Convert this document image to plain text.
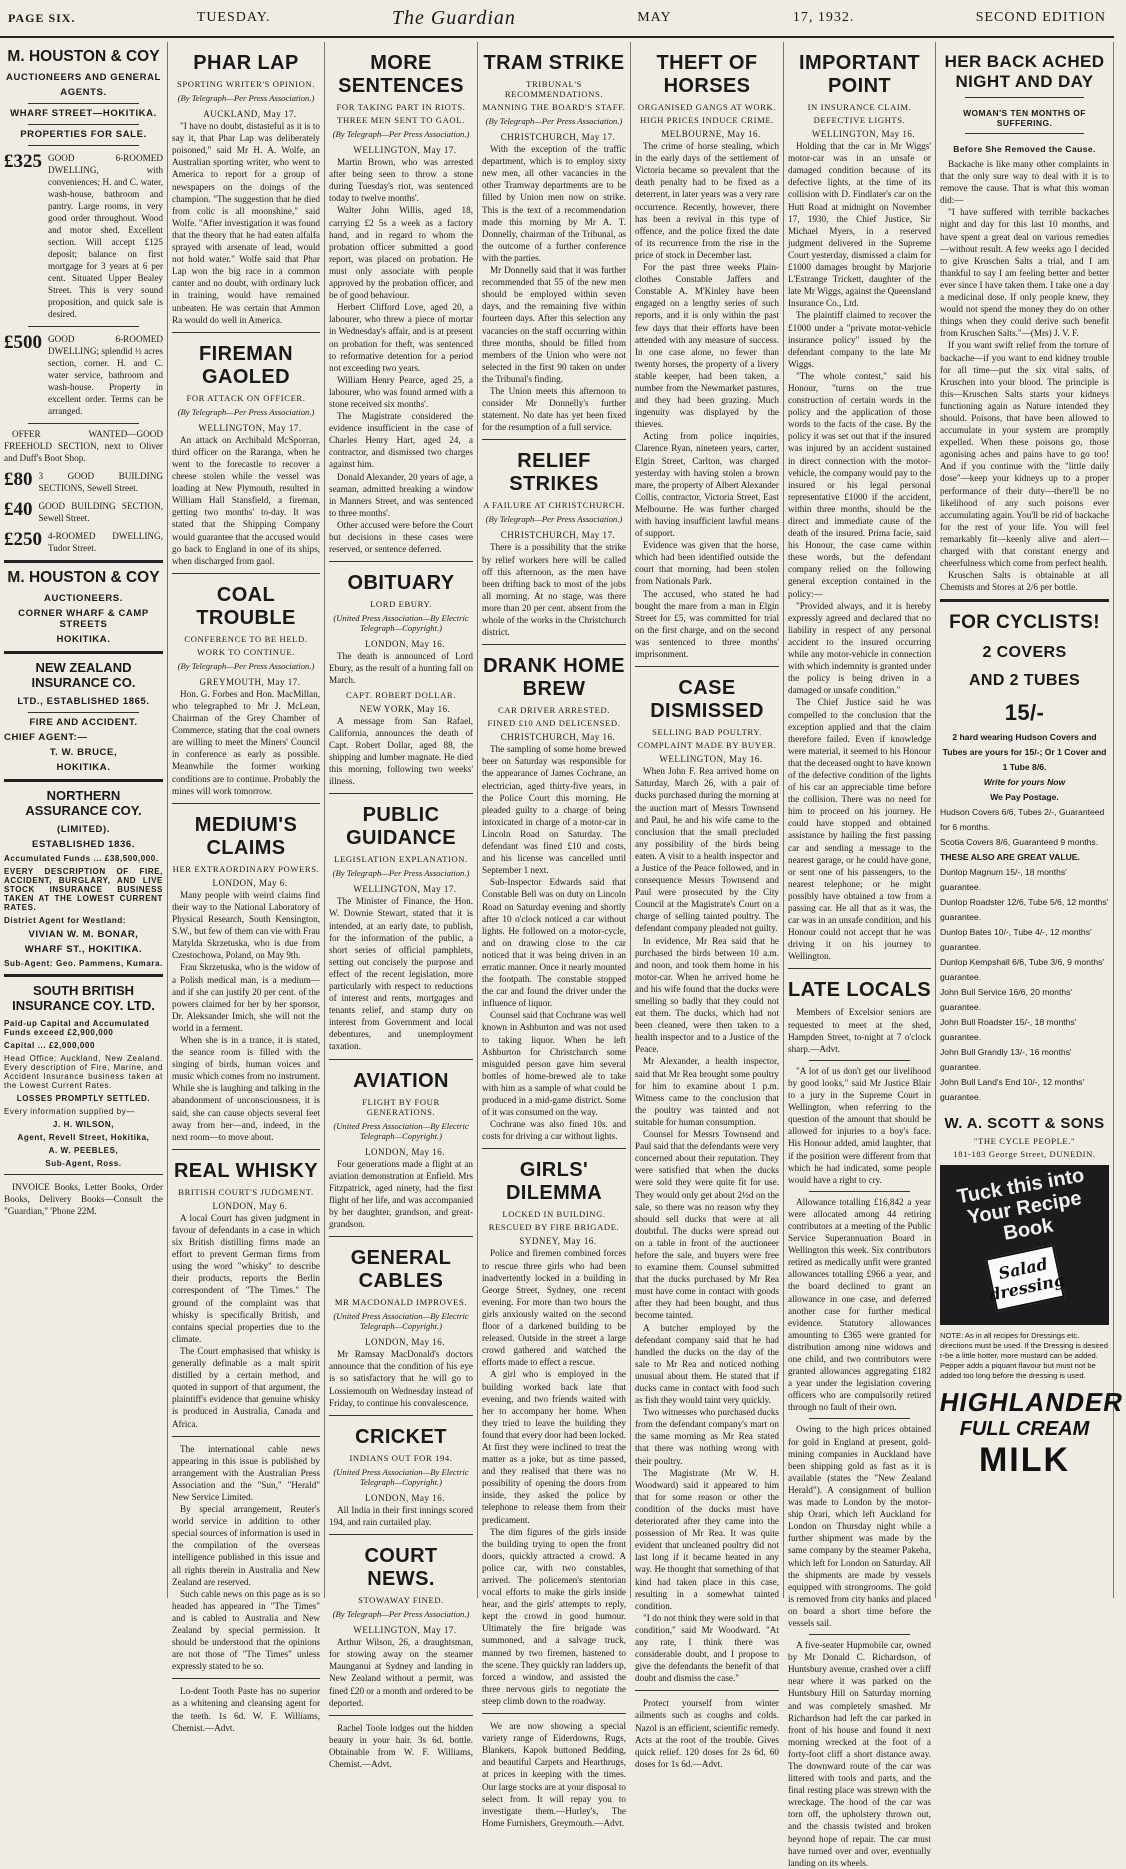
PAGE SIX.	TUESDAY.	The Guardian	MAY	17, 1932.	SECOND EDITION
M. HOUSTON & COY
AUCTIONEERS AND GENERAL
AGENTS.
WHARF STREET—HOKITIKA.
PROPERTIES FOR SALE.
£325 GOOD 6-ROOMED DWELLING, with conveniences; H. and C. water, wash-house, bathroom and pantry. Large rooms, in very good order throughout. Wood and motor shed. Excellent section. Will accept £125 deposit; balance on first mortgage for 3 years at 6 per cent. Situated Upper Bealey Street. This is very sound proposition, and quick sale is desired.
£500 GOOD 6-ROOMED DWELLING; splendid ½ acres section, corner. H. and C. water service, bathroom and wash-house. Property in excellent order. Terms can be arranged.

OFFER WANTED—GOOD FREEHOLD SECTION, next to Oliver and Duff's Boot Shop.

£80 3 GOOD BUILDING SECTIONS, Sewell Street.
£40 GOOD BUILDING SECTION, Sewell Street.
£250 4-ROOMED DWELLING, Tudor Street.
M. HOUSTON & COY
AUCTIONEERS.
CORNER WHARF & CAMP STREETS
HOKITIKA.
NEW ZEALAND INSURANCE CO.
LTD., ESTABLISHED 1865.
FIRE AND ACCIDENT.
CHIEF AGENT:—
T. W. BRUCE,
HOKITIKA.
NORTHERN ASSURANCE COY.
(LIMITED).
ESTABLISHED 1836.
Accumulated Funds ... £38,500,000.
EVERY DESCRIPTION OF FIRE, ACCIDENT, BURGLARY, AND LIVE STOCK INSURANCE BUSINESS TAKEN AT THE LOWEST CURRENT RATES.
District Agent for Westland:
VIVIAN W. M. BONAR,
WHARF ST., HOKITIKA.
Sub-Agent: Geo. Pammens, Kumara.
SOUTH BRITISH INSURANCE COY. LTD.
Paid-up Capital and Accumulated Funds exceed £2,900,000
Capital ... £2,000,000
Head Office: Auckland, New Zealand. Every description of Fire, Marine, and Accident Insurance business taken at the Lowest Current Rates.
LOSSES PROMPTLY SETTLED.
Every information supplied by—
J. H. WILSON,
Agent, Revell Street, Hokitika,
A. W. PEEBLES,
Sub-Agent, Ross.

INVOICE Books, Letter Books, Order Books, Delivery Books—Consult the "Guardian," 'Phone 22M.

PHAR LAP
SPORTING WRITER'S OPINION.
(By Telegraph—Per Press Association.)

AUCKLAND, May 17.

"I have no doubt, distasteful as it is to say it, that Phar Lap was deliberately poisoned," said Mr H. A. Wolfe, an Australian sporting writer, who went to America to report for a group of newspapers on the doings of the champion. "The suggestion that he died from colic is all moonshine," said Wolfe. "After investigation it was found that the theory that he had eaten alfalfa sprayed with arsenate of lead, would not hold water." Wolfe said that Phar Lap won the big race in a common canter and no doubt, with ordinary luck in training, would have remained unbeaten. He was certain that Ammon Ra would do well in America.

FIREMAN GAOLED
FOR ATTACK ON OFFICER.
(By Telegraph—Per Press Association.)

WELLINGTON, May 17.

An attack on Archibald McSporran, third officer on the Raranga, when he went to the forecastle to recover a cheese stolen while the vessel was loading at New Plymouth, resulted in William Hall Stansfield, a fireman, getting two months' to-day. It was stated that the Shipping Company would guarantee that the accused would go back to England in one of its ships, when discharged from gaol.

COAL TROUBLE
CONFERENCE TO BE HELD.
WORK TO CONTINUE.
(By Telegraph—Per Press Association.)

GREYMOUTH, May 17.

Hon. G. Forbes and Hon. MacMillan, who telegraphed to Mr J. McLean, Chairman of the Grey Chamber of Commerce, stating that the coal owners are willing to meet the Miners' Council in conference as early as possible. Meanwhile the former working conditions are to continue. Probably the mines will work tomorrow.

MEDIUM'S CLAIMS
HER EXTRAORDINARY POWERS.

LONDON, May 6.

Many people with weird claims find their way to the National Laboratory of Physical Research, South Kensington, S.W., but few of them can vie with Frau Matylda Skrzetuska, who is due from Czestochowa, Poland, on May 9th.

Frau Skrzetuska, who is the widow of a Polish medical man, is a medium—and if she can justify 20 per cent. of the powers claimed for her by her sponsor, Dr. Aleksander Imich, she will not the world in a ferment.

When she is in a trance, it is stated, the seance room is filled with the singing of birds, human voices and music which comes from no instrument. While she is laughing and talking in the abandonment of unconsciousness, it is said, she can cause objects several feet away from her—and, indeed, in the next room—to move about.

REAL WHISKY
BRITISH COURT'S JUDGMENT.

LONDON, May 6.

A local Court has given judgment in favour of defendants in a case in which six British distilling firms made an effort to prevent German firms from using the word "whisky" to describe their products, reports the Berlin correspondent of "The Times." The ground of the complaint was that whisky is specifically British, and contains special properties due to the climate.

The Court emphasised that whisky is generally definable as a malt spirit distilled by a certain method, and quoted in support of that argument, the plaintiff's evidence that genuine whisky is produced in Australia, Canada and Africa.

The international cable news appearing in this issue is published by arrangement with the Australian Press Association and the "Sun," "Herald" New Service Limited.

By special arrangement, Reuter's world service in addition to other special sources of information is used in the compilation of the overseas intelligence published in this issue and all rights therein in Australia and New Zealand are reserved.

Such cable news on this page as is so headed has appeared in "The Times" and is cabled to Australia and New Zealand by special permission. It should be understood that the opinions are not those of "The Times" unless expressly stated to be so.

Lo-dent Tooth Paste has no superior as a whitening and cleansing agent for the teeth. 1s 6d. W. F. Williams, Chemist.—Advt.

MORE SENTENCES
FOR TAKING PART IN RIOTS.
THREE MEN SENT TO GAOL.
(By Telegraph—Per Press Association.)

WELLINGTON, May 17.

Martin Brown, who was arrested after being seen to throw a stone during Tuesday's riot, was sentenced today to twelve months'.

Walter John Willis, aged 18, carrying £2 5s a week as a factory hand, and in regard to whom the probation officer submitted a good report, was placed on probation. He must only associate with people approved by the probation officer, and be of good behaviour.

Herbert Clifford Love, aged 20, a labourer, who threw a piece of mortar in Wednesday's affair, and is at present on probation for theft, was sentenced to reformative detention for a period not exceeding two years.

William Henry Pearce, aged 25, a labourer, who was found armed with a stone received six months'.

The Magistrate considered the evidence insufficient in the case of Charles Henry Hart, aged 24, a contractor, and dismissed two charges against him.

Donald Alexander, 20 years of age, a seaman, admitted breaking a window in Manners Street, and was sentenced to three months'.

Other accused were before the Court but decisions in these cases were reserved, or sentence deferred.

OBITUARY
LORD EBURY.
(United Press Association—By Electric Telegraph—Copyright.)

LONDON, May 16.

The death is announced of Lord Ebury, as the result of a hunting fall on March.

CAPT. ROBERT DOLLAR.

NEW YORK, May 16.

A message from San Rafael, California, announces the death of Capt. Robert Dollar, aged 88, the shipping and lumber magnate. He died this morning, following two weeks' illness.

PUBLIC GUIDANCE
LEGISLATION EXPLANATION.
(By Telegraph—Per Press Association.)

WELLINGTON, May 17.

The Minister of Finance, the Hon. W. Downie Stewart, stated that it is intended, at an early date, to publish, for the information of the public, a short series of official pamphlets, setting out concisely the purpose and effect of the recent legislation, more particularly with respect to reductions of interest and rents, mortgages and tenants relief, and stamp duty on interest from Government and local debentures, and unemployment taxation.

AVIATION
FLIGHT BY FOUR GENERATIONS.
(United Press Association—By Electric Telegraph—Copyright.)

LONDON, May 16.

Four generations made a flight at an aviation demonstration at Enfield. Mrs Fitzpatrick, aged ninety, had the first flight of her life, and was accompanied by her daughter, grandson, and great-grandson.

GENERAL CABLES
MR MACDONALD IMPROVES.
(United Press Association—By Electric Telegraph—Copyright.)

LONDON, May 16.

Mr Ramsay MacDonald's doctors announce that the condition of his eye is so satisfactory that he will go to Lossiemouth on Wednesday instead of Friday, to continue his convalescence.

CRICKET
INDIANS OUT FOR 194.
(United Press Association—By Electric Telegraph—Copyright.)

LONDON, May 16.

All India in their first innings scored 194, and rain curtailed play.

COURT NEWS.
STOWAWAY FINED.
(By Telegraph—Per Press Association.)

WELLINGTON, May 17.

Arthur Wilson, 26, a draughtsman, for stowing away on the steamer Maunganui at Sydney and landing in New Zealand without a permit, was fined £20 or a month and ordered to be deported.

Rachel Toole lodges out the hidden beauty in your hair. 3s 6d. bottle. Obtainable from W. F. Williams, Chemist.—Advt.

TRAM STRIKE
TRIBUNAL'S RECOMMENDATIONS.
MANNING THE BOARD'S STAFF.
(By Telegraph—Per Press Association.)

CHRISTCHURCH, May 17.

With the exception of the traffic department, which is to employ sixty new men, all other vacancies in the other Tramway departments are to be filled by Union men now on strike. This is the text of a recommendation made this morning by Mr A. T. Donnelly, chairman of the Tribunal, as the outcome of a further conference with the parties.

Mr Donnelly said that it was further recommended that 55 of the new men should be employed within seven days, and the remaining five within fourteen days. After this selection any vacancies on the staff occurring within three months, should be filled from members of the Union who were not selected in the first 90 taken on under the Tribunal's finding.

The Union meets this afternoon to consider Mr Donnelly's further statement. No date has yet been fixed for the resumption of a full service.

RELIEF STRIKES
A FAILURE AT CHRISTCHURCH.
(By Telegraph—Per Press Association.)

CHRISTCHURCH, May 17.

There is a possibility that the strike by relief workers here will be called off this afternoon, as the men have been drifting back to most of the jobs all morning. At no stage, was there more than 20 per cent. absent from the whole of the works in the Christchurch district.

DRANK HOME BREW
CAR DRIVER ARRESTED.
FINED £10 AND DELICENSED.

CHRISTCHURCH, May 16.

The sampling of some home brewed beer on Saturday was responsible for the appearance of James Cochrane, an electrician, aged thirty-five years, in the Police Court this morning. He pleaded guilty to a charge of being intoxicated in charge of a motor-car in Lincoln Road on Saturday. The defendant was fined £10 and costs, and his license was cancelled until September 1 next.

Sub-Inspector Edwards said that Constable Bell was on duty on Lincoln Road on Saturday evening and shortly after 10 o'clock noticed a car without lights. He followed on a motor-cycle, and on drawing close to the car noticed that it was being driven in an erratic manner. Once it nearly mounted the footpath. The constable stopped the car and found the driver under the influence of liquor.

Counsel said that Cochrane was well known in Ashburton and was not used to taking liquor. When he left Ashburton for Christchurch some misguided person gave him several bottles of home-brewed ale to take with him as a sample of what could be produced in a mid-game district. Some of it was consumed on the way.

Cochrane was also fined 10s. and costs for driving a car without lights.

GIRLS' DILEMMA
LOCKED IN BUILDING.
RESCUED BY FIRE BRIGADE.

SYDNEY, May 16.

Police and firemen combined forces to rescue three girls who had been inadvertently locked in a building in George Street, Sydney, one recent evening. For more than two hours the girls anxiously waited on the second floor of a darkened building to be released. Outside in the street a large crowd gathered and watched the efforts made to effect a rescue.

A girl who is employed in the building worked back late that evening, and two friends waited with her to accompany her home. When they tried to leave the building they found that every door had been locked. At first they were inclined to treat the matter as a joke, but as time passed, and they realised that there was no possibility of opening the doors from inside, they asked the police by telephone to release them from their predicament.

The dim figures of the girls inside the building trying to open the front doors, quickly attracted a crowd. A police car, with two constables, arrived. The policemen's stentorian vocal efforts to make the girls inside hear, and the girls' attempts to reply, kept the crowd in good humour. Ultimately the fire brigade was summoned, and a salvage truck, manned by two firemen, hastened to the scene. They quickly ran ladders up, forced a window, and assisted the three nervous girls to negotiate the steep climb down to the roadway.

We are now showing a special variety range of Eiderdowns, Rugs, Blankets, Kapok buttoned Bedding, and beautiful Carpets and Hearthrugs, at prices in keeping with the times. Our large stocks are at your disposal to select from. It will repay you to investigate them.—Hurley's, The Home Furnishers, Greymouth.—Advt.

THEFT OF HORSES
ORGANISED GANGS AT WORK.
HIGH PRICES INDUCE CRIME.

MELBOURNE, May 16.

The crime of horse stealing, which in the early days of the settlement of Victoria became so prevalent that the death penalty had to be fixed as a deterrent, in later years was a very rare occurrence. Recently, however, there has been a revival in this type of offence, and the police fixed the date of its recurrence from the rise in the price of stock in December last.

For the past three weeks Plain-clothes Constable Jaffers and Constable A. M'Kinley have been engaged on a lengthy series of such reports, and it is only within the past few days that their efforts have been attended with any measure of success. In one case alone, no fewer than twenty horses, the property of a livery stable keeper, had been taken, a number from the Newmarket pastures, and they had been grazing. Much ingenuity was displayed by the thieves.

Acting from police inquiries, Clarence Ryan, nineteen years, carter, Elgin Street, Carlton, was charged yesterday with having stolen a brown mare, the property of Albert Alexander Collis, contractor, Victoria Street, East Melbourne. He was further charged with having insufficient lawful means of support.

Evidence was given that the horse, which had been identified outside the court that morning, had been stolen from Nationals Park.

The accused, who stated he had bought the mare from a man in Elgin Street for £5, was committed for trial on the first charge, and on the second was sentenced to three months' imprisonment.

CASE DISMISSED
SELLING BAD POULTRY.
COMPLAINT MADE BY BUYER.

WELLINGTON, May 16.

When John F. Rea arrived home on Saturday, March 26, with a pair of ducks purchased during the morning at the auction mart of Messrs Townsend and Paul, he and his wife came to the conclusion that the small precluded any possibility of the birds being eaten. A visit to a health inspector and a Justice of the Peace followed, and in consequence Messrs Townsend and Paul were prosecuted by the City Council at the Magistrate's Court on a charge of selling tainted poultry. The defendant company pleaded not guilty.

In evidence, Mr Rea said that he purchased the birds between 10 a.m. and noon, and took them home in his motor-car. When he arrived home he and his wife found that the ducks were smelling so badly that they could not eat them. The ducks, which had not been cleaned, were then taken to a health inspector and to a Justice of the Peace.

Mr Alexander, a health inspector, said that Mr Rea brought some poultry for him to examine about 1 p.m. Witness came to the conclusion that the poultry was tainted and not suitable for human consumption.

Counsel for Messrs Townsend and Paul said that the defendants were very concerned about their reputation. They were satisfied that when the ducks were sold they were quite fit for use. They would only get about 2½d on the sale, so there was no reason why they should sell ducks that were at all doubtful. The ducks were spread out on a table in front of the auctioneer before the sale, and buyers were free to examine them. Counsel submitted that the ducks purchased by Mr Rea must have come in contact with goods after they had been bought, and thus become tainted.

A butcher employed by the defendant company said that he had handled the ducks on the day of the sale to Mr Rea and noticed nothing unusual about them. He stated that if ducks came in contact with food such as fish they would taint very quickly.

Two witnesses who purchased ducks from the defendant company's mart on the same morning as Mr Rea stated that there was nothing wrong with their poultry.

The Magistrate (Mr W. H. Woodward) said it appeared to him that for some reason or other the condition of the ducks must have deteriorated after they came into the possession of Mr Rea. It was quite evident that uncleaned poultry did not last long if it became heated in any way. He thought that something of that kind had taken place in this case, resulting in a somewhat tainted condition.

"I do not think they were sold in that condition," said Mr Woodward. "At any rate, I think there was considerable doubt, and I propose to give the defendants the benefit of that doubt and dismiss the case."

Protect yourself from winter ailments such as coughs and colds. Nazol is an efficient, scientific remedy. Acts at the root of the trouble. Gives quick relief. 120 doses for 2s 6d, 60 doses for 1s 6d.—Advt.

IMPORTANT POINT
IN INSURANCE CLAIM.
DEFECTIVE LIGHTS.

WELLINGTON, May 16.

Holding that the car in Mr Wiggs' motor-car was in an unsafe or damaged condition because of its defective lights, at the time of its collision with D. Findlater's car on the Hutt Road at midnight on November 17, 1930, the Chief Justice, Sir Michael Myers, in a reserved judgment delivered in the Supreme Court yesterday, dismissed a claim for £1000 damages brought by Marjorie L'Estrange Trickett, daughter of the late Mr Wiggs, against the Queensland Insurance Co., Ltd.

The plaintiff claimed to recover the £1000 under a "private motor-vehicle insurance policy" issued by the defendant company to the late Mr Wiggs.

"The whole contest," said his Honour, "turns on the true construction of certain words in the policy and the application of those words to the facts of the case. By the policy it was set out that if the insured was injured by an accident sustained in direct connection with the motor-vehicle, the company would pay to the insured or his legal personal representative £1000 if the accident, within three months, should be the direct and immediate cause of the death of the insured. Prima facie, said his Honour, the case came within these words, but the defendant company relied on the following general exception contained in the policy:—

"Provided always, and it is hereby expressly agreed and declared that no liability in respect of any personal accident to the insured occurring while any motor-vehicle in connection with which indemnity is granted under the policy is being driven in a damaged or unsafe condition."

The Chief Justice said he was compelled to the conclusion that the exception applied and that the claim therefore failed. Even if knowledge were material, it seemed to his Honour that the deceased ought to have known of the defective condition of the lights of his car an appreciable time before the collision. There was no need for him to proceed on his journey. He could have stopped and obtained assistance by hailing the first passing car and sending a message to the nearest garage, or he could have gone, or sent one of his passengers, to the nearest telephone; or he might possibly have obtained a tow from a passing car. He all that as it was, the car was in an unsafe condition, and his Honour could not accept that he was driving it on his journey to Wellington.

LATE LOCALS

Members of Excelsior seniors are requested to meet at the shed, Hampden Street, to-night at 7 o'clock sharp.—Advt.

"A lot of us don't get our livelihood by good looks," said Mr Justice Blair to a jury in the Supreme Court in Wellington, when referring to the question of the amount that should be allowed for injuries to a boy's face. His Honour added, amid laughter, that if the position were different from that which he had indicated, some people would have a right to cry.

Allowance totalling £16,842 a year were allocated among 44 retiring contributors at a meeting of the Public Service Superannuation Board in Wellington this week. Six contributors retired as medically unfit were granted allowances totalling £966 a year, and the board declined to grant an allowance in one case, and deferred another case for further medical evidence. Statutory allowances amounting to £365 were granted for distribution among nine widows and one child, and two contributors were granted allowances aggregating £182 a year under the legislation covering officers who are compulsorily retired through no fault of their own.

Owing to the high prices obtained for gold in England at present, gold-mining companies in Auckland have been shipping gold as fast as it is available (states the "New Zealand Herald"). A consignment of bullion was made to London by the motor-ship Orari, which left Auckland for London on Thursday night while a further shipment was made by the same company by the steamer Pakeha, which left for London on Saturday. All the shipments are made by vessels equipped with strongrooms. The gold is removed from city banks and placed on board a short time before the vessels sail.

A five-seater Hupmobile car, owned by Mr Donald C. Richardson, of Huntsbury avenue, crashed over a cliff near where it was parked on the Huntsbury Hill on Saturday morning and was completely smashed. Mr Richardson had left the car parked in front of his house and found it next morning wrecked at the foot of a forty-foot cliff a short distance away. The downward route of the car was littered with tools and parts, and the final resting place was strewn with the wreckage. The hood of the car was torn off, the upholstery thrown out, and the chassis twisted and broken beyond hope of repair. The car must have turned over and over, eventually landing on its wheels.

HER BACK ACHED NIGHT AND DAY
WOMAN'S TEN MONTHS OF SUFFERING.
Before She Removed the Cause.

Backache is like many other complaints in that the only sure way to deal with it is to remove the cause. That is what this woman did:—

"I have suffered with terrible backaches night and day for this last 10 months, and have spent a great deal on various remedies—without result. A few weeks ago I decided to give Kruschen Salts a trial, and I am thankful to say I am feeling better and better ever since I have taken them. I take one a day a medicinal dose. If only people knew, they would not spend the money they do on other things when they could derive such benefit from Kruschen Salts."—(Mrs) J. V. F.

If you want swift relief from the torture of backache—if you want to end kidney trouble for all time—put the six vital salts, of Kruschen into your blood. The principle is this—Kruschen Salts starts your kidneys functioning again as Nature intended they should. Poisons, that have been allowed to accumulate in your system are promptly expelled. When these poisons go, those agonising aches and pains have to go too! And if you continue with the "little daily dose"—keep your kidneys up to a proper performance of their duty—there'll be no likelihood of any such poisons ever accumulating again. You'll be rid of backache for the rest of your life. You will feel remarkably fit—keenly alive and alert—charged with that constant energy and cheerfulness which come from perfect health.

Kruschen Salts is obtainable at all Chemists and Stores at 2/6 per bottle.

FOR CYCLISTS!
2 COVERS
AND 2 TUBES
15/-
2 hard wearing Hudson Covers and Tubes are yours for 15/-; Or 1 Cover and 1 Tube 8/6.
Write for yours Now
We Pay Postage.
Hudson Covers 6/6, Tubes 2/-, Guaranteed for 6 months.
Scotia Covers 8/6, Guaranteed 9 months.
THESE ALSO ARE GREAT VALUE.
Dunlop Magnum 15/-, 18 months' guarantee.
Dunlop Roadster 12/6, Tube 5/6, 12 months' guarantee.
Dunlop Bates 10/-, Tube 4/-, 12 months' guarantee.
Dunlop Kempshall 6/6, Tube 3/6, 9 months' guarantee.
John Bull Service 16/6, 20 months' guarantee.
John Bull Roadster 15/-, 18 months' guarantee.
John Bull Grandly 13/-, 16 months' guarantee.
John Bull Land's End 10/-, 12 months' guarantee.
W. A. SCOTT & SONS
"THE CYCLE PEOPLE."
181-183 George Street, DUNEDIN.
Tuck this into Your Recipe Book
Salad dressing
NOTE: As in all recipes for Dressings etc. directions must be used. If the Dressing is desired r-be a little hotter, more mustard can be added. Pepper adds a piquant flavour but must not be added too long before the dressing is used.
HIGHLANDER
FULL CREAM
MILK
